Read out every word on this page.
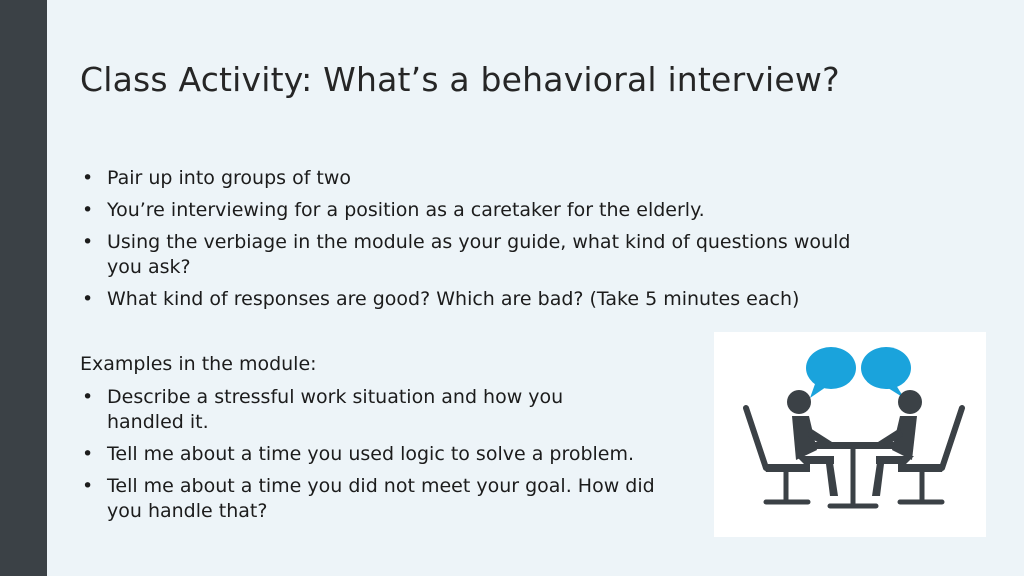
Class Activity: What’s a behavioral interview?
• Pair up into groups of two
• You’re interviewing for a position as a caretaker for the elderly.
• Using the verbiage in the module as your guide, what kind of questions would you ask?
• What kind of responses are good? Which are bad? (Take 5 minutes each)
Examples in the module:
• Describe a stressful work situation and how you handled it.
• Tell me about a time you used logic to solve a problem.
• Tell me about a time you did not meet your goal. How did you handle that?
